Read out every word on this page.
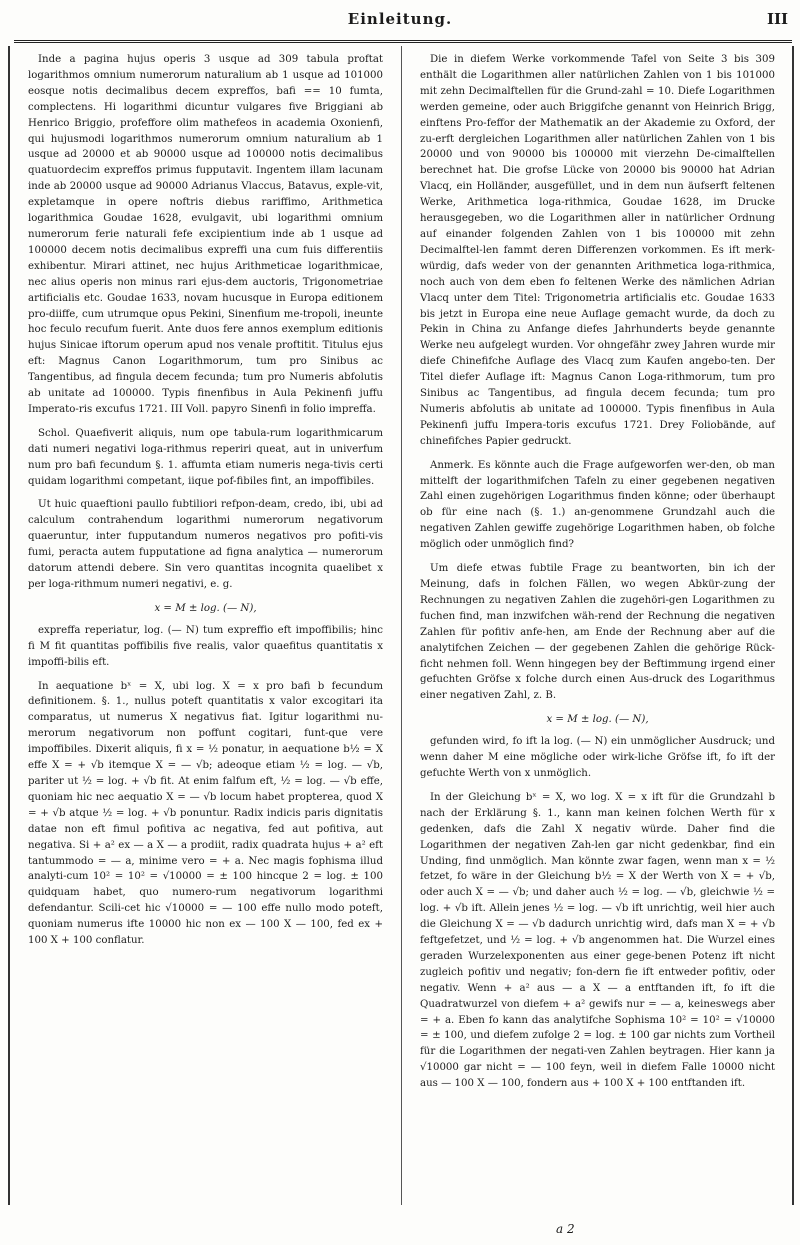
Einleitung.	III

Inde a pagina hujus operis 3 usque ad 309 tabula proftat logarithmos omnium numerorum naturalium ab 1 usque ad 101000 eosque notis decimalibus decem expreffos, bafi == 10 fumta, complectens. Hi logarithmi dicuntur vulgares five Briggiani ab Henrico Briggio, profeffore olim mathefeos in academia Oxonienfi, qui hujusmodi logarithmos numerorum omnium naturalium ab 1 usque ad 20000 et ab 90000 usque ad 100000 notis decimalibus quatuordecim expreffos primus fupputavit. Ingentem illam lacunam inde ab 20000 usque ad 90000 Adrianus Vlaccus, Batavus, exple-vit, expletamque in opere noftris diebus rariffimo, Arithmetica logarithmica Goudae 1628, evulgavit, ubi logarithmi omnium numerorum ferie naturali fefe excipientium inde ab 1 usque ad 100000 decem notis decimalibus expreffi una cum fuis differentiis exhibentur. Mirari attinet, nec hujus Arithmeticae logarithmicae, nec alius operis non minus rari ejus-dem auctoris, Trigonometriae artificialis etc. Goudae 1633, novam hucusque in Europa editionem pro-diiffe, cum utrumque opus Pekini, Sinenfium me-tropoli, ineunte hoc feculo recufum fuerit. Ante duos fere annos exemplum editionis hujus Sinicae iftorum operum apud nos venale proftitit. Titulus ejus eft: Magnus Canon Logarithmorum, tum pro Sinibus ac Tangentibus, ad fingula decem fecunda; tum pro Numeris abfolutis ab unitate ad 100000. Typis finenfibus in Aula Pekinenfi juffu Imperato-ris excufus 1721. III Voll. papyro Sinenfi in folio impreffa.

Schol. Quaefiverit aliquis, num ope tabula-rum logarithmicarum dati numeri negativi loga-rithmus reperiri queat, aut in univerfum num pro bafi fecundum §. 1. affumta etiam numeris nega-tivis certi quidam logarithmi competant, iique pof-fibiles fint, an impoffibiles.

Ut huic quaeftioni paullo fubtiliori refpon-deam, credo, ibi, ubi ad calculum contrahendum logarithmi numerorum negativorum quaeruntur, inter fupputandum numeros negativos pro pofiti-vis fumi, peracta autem fupputatione ad figna analytica — numerorum datorum attendi debere. Sin vero quantitas incognita quaelibet x per loga-rithmum numeri negativi, e. g.

x = M ± log. (— N),

expreffa reperiatur, log. (— N) tum expreffio eft impoffibilis; hinc fi M fit quantitas poffibilis five realis, valor quaefitus quantitatis x impoffi-bilis eft.

In aequatione bˣ = X, ubi log. X = x pro bafi b fecundum definitionem. §. 1., nullus poteft quantitatis x valor excogitari ita comparatus, ut numerus X negativus fiat. Igitur logarithmi nu-merorum negativorum non poffunt cogitari, funt-que vere impoffibiles. Dixerit aliquis, fi x = ½ ponatur, in aequatione b½ = X effe X = + √b itemque X = — √b; adeoque etiam ½ = log. — √b, pariter ut ½ = log. + √b fit. At enim falfum eft, ½ = log. — √b effe, quoniam hic nec aequatio X = — √b locum habet propterea, quod X = + √b atque ½ = log. + √b ponuntur. Radix indicis paris dignitatis datae non eft fimul pofitiva ac negativa, fed aut pofitiva, aut negativa. Si + a² ex — a X — a prodiit, radix quadrata hujus + a² eft tantummodo = — a, minime vero = + a. Nec magis fophisma illud analyti-cum 10² = 10² = √10000 = ± 100 hincque 2 = log. ± 100 quidquam habet, quo numero-rum negativorum logarithmi defendantur. Scili-cet hic √10000 = — 100 effe nullo modo poteft, quoniam numerus ifte 10000 hic non ex — 100 X — 100, fed ex + 100 X + 100 conflatur.

Die in diefem Werke vorkommende Tafel von Seite 3 bis 309 enthält die Logarithmen aller natürlichen Zahlen von 1 bis 101000 mit zehn Decimalftellen für die Grund-zahl = 10. Diefe Logarithmen werden gemeine, oder auch Briggifche genannt von Heinrich Brigg, einftens Pro-feffor der Mathematik an der Akademie zu Oxford, der zu-erft dergleichen Logarithmen aller natürlichen Zahlen von 1 bis 20000 und von 90000 bis 100000 mit vierzehn De-cimalftellen berechnet hat. Die grofse Lücke von 20000 bis 90000 hat Adrian Vlacq, ein Holländer, ausgefüllet, und in dem nun äufserft feltenen Werke, Arithmetica loga-rithmica, Goudae 1628, im Drucke herausgegeben, wo die Logarithmen aller in natürlicher Ordnung auf einander folgenden Zahlen von 1 bis 100000 mit zehn Decimalftel-len fammt deren Differenzen vorkommen. Es ift merk-würdig, dafs weder von der genannten Arithmetica loga-rithmica, noch auch von dem eben fo feltenen Werke des nämlichen Adrian Vlacq unter dem Titel: Trigonometria artificialis etc. Goudae 1633 bis jetzt in Europa eine neue Auflage gemacht wurde, da doch zu Pekin in China zu Anfange diefes Jahrhunderts beyde genannte Werke neu aufgelegt wurden. Vor ohngefähr zwey Jahren wurde mir diefe Chinefifche Auflage des Vlacq zum Kaufen angebo-ten. Der Titel diefer Auflage ift: Magnus Canon Loga-rithmorum, tum pro Sinibus ac Tangentibus, ad fingula decem fecunda; tum pro Numeris abfolutis ab unitate ad 100000. Typis finenfibus in Aula Pekinenfi juffu Impera-toris excufus 1721. Drey Foliobände, auf chinefifches Papier gedruckt.

Anmerk. Es könnte auch die Frage aufgeworfen wer-den, ob man mittelft der logarithmifchen Tafeln zu einer gegebenen negativen Zahl einen zugehörigen Logarithmus finden könne; oder überhaupt ob für eine nach (§. 1.) an-genommene Grundzahl auch die negativen Zahlen gewiffe zugehörige Logarithmen haben, ob folche möglich oder unmöglich find?

Um diefe etwas fubtile Frage zu beantworten, bin ich der Meinung, dafs in folchen Fällen, wo wegen Abkür-zung der Rechnungen zu negativen Zahlen die zugehöri-gen Logarithmen zu fuchen find, man inzwifchen wäh-rend der Rechnung die negativen Zahlen für pofitiv anfe-hen, am Ende der Rechnung aber auf die analytifchen Zeichen — der gegebenen Zahlen die gehörige Rück-ficht nehmen foll. Wenn hingegen bey der Beftimmung irgend einer gefuchten Gröfse x folche durch einen Aus-druck des Logarithmus einer negativen Zahl, z. B.

x = M ± log. (— N),

gefunden wird, fo ift la log. (— N) ein unmöglicher Ausdruck; und wenn daher M eine mögliche oder wirk-liche Gröfse ift, fo ift der gefuchte Werth von x unmöglich.

In der Gleichung bˣ = X, wo log. X = x ift für die Grundzahl b nach der Erklärung §. 1., kann man keinen folchen Werth für x gedenken, dafs die Zahl X negativ würde. Daher find die Logarithmen der negativen Zah-len gar nicht gedenkbar, find ein Unding, find unmöglich. Man könnte zwar fagen, wenn man x = ½ fetzet, fo wäre in der Gleichung b½ = X der Werth von X = + √b, oder auch X = — √b; und daher auch ½ = log. — √b, gleichwie ½ = log. + √b ift. Allein jenes ½ = log. — √b ift unrichtig, weil hier auch die Gleichung X = — √b dadurch unrichtig wird, dafs man X = + √b feftgefetzet, und ½ = log. + √b angenommen hat. Die Wurzel eines geraden Wurzelexponenten aus einer gege-benen Potenz ift nicht zugleich pofitiv und negativ; fon-dern fie ift entweder pofitiv, oder negativ. Wenn + a² aus — a X — a entftanden ift, fo ift die Quadratwurzel von diefem + a² gewifs nur = — a, keineswegs aber = + a. Eben fo kann das analytifche Sophisma 10² = 10² = √10000 = ± 100, und diefem zufolge 2 = log. ± 100 gar nichts zum Vortheil für die Logarithmen der negati-ven Zahlen beytragen. Hier kann ja √10000 gar nicht = — 100 feyn, weil in diefem Falle 10000 nicht aus — 100 X — 100, fondern aus + 100 X + 100 entftanden ift.

a 2
